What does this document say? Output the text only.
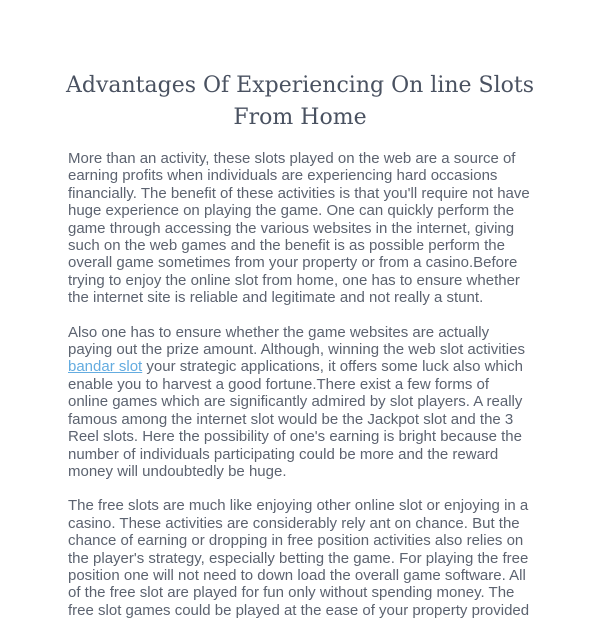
Advantages Of Experiencing On line Slots From Home

More than an activity, these slots played on the web are a source of earning profits when individuals are experiencing hard occasions financially. The benefit of these activities is that you'll require not have huge experience on playing the game. One can quickly perform the game through accessing the various websites in the internet, giving such on the web games and the benefit is as possible perform the overall game sometimes from your property or from a casino.Before trying to enjoy the online slot from home, one has to ensure whether the internet site is reliable and legitimate and not really a stunt.

Also one has to ensure whether the game websites are actually paying out the prize amount. Although, winning the web slot activities bandar slot your strategic applications, it offers some luck also which enable you to harvest a good fortune.There exist a few forms of online games which are significantly admired by slot players. A really famous among the internet slot would be the Jackpot slot and the 3 Reel slots. Here the possibility of one's earning is bright because the number of individuals participating could be more and the reward money will undoubtedly be huge.

The free slots are much like enjoying other online slot or enjoying in a casino. These activities are considerably rely ant on chance. But the chance of earning or dropping in free position activities also relies on the player's strategy, especially betting the game. For playing the free position one will not need to down load the overall game software. All of the free slot are played for fun only without spending money. The free slot games could be played at the ease of your property provided
